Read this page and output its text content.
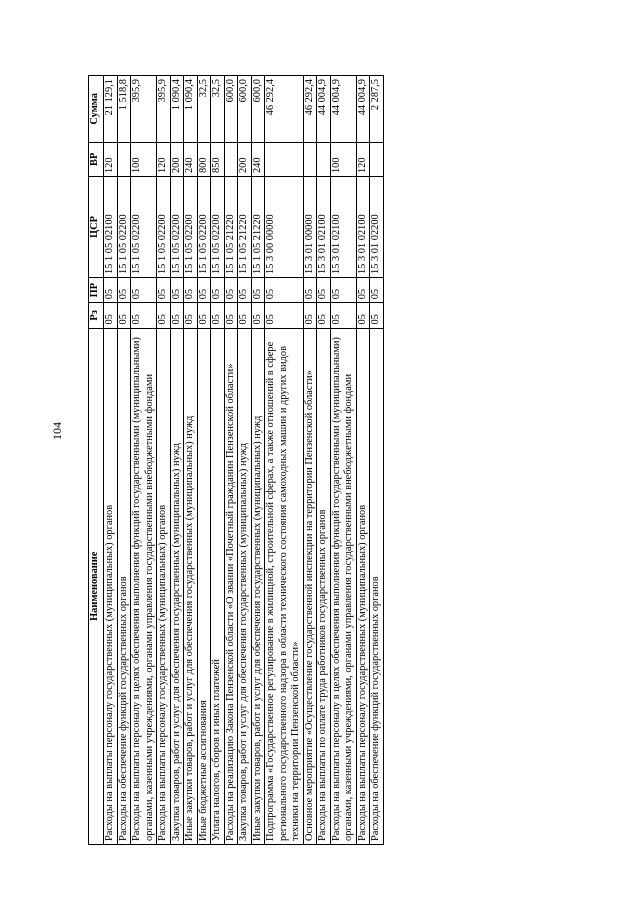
104
Наименование	Рз	ПР	ЦСР	ВР	Сумма
Расходы на выплаты персоналу государственных (муниципальных) органов	05	05	15 1 05 02100	120	21 129,1
Расходы на обеспечение функций государственных органов	05	05	15 1 05 02200		1 518,8
Расходы на выплаты персоналу в целях обеспечения выполнения функций государственными (муниципальными) органами, казенными учреждениями, органами управления государственными внебюджетными фондами	05	05	15 1 05 02200	100	395,9
Расходы на выплаты персоналу государственных (муниципальных) органов	05	05	15 1 05 02200	120	395,9
Закупка товаров, работ и услуг для обеспечения государственных (муниципальных) нужд	05	05	15 1 05 02200	200	1 090,4
Иные закупки товаров, работ и услуг для обеспечения государственных (муниципальных) нужд	05	05	15 1 05 02200	240	1 090,4
Иные бюджетные ассигнования	05	05	15 1 05 02200	800	32,5
Уплата налогов, сборов и иных платежей	05	05	15 1 05 02200	850	32,5
Расходы на реализацию Закона Пензенской области «О звании «Почетный гражданин Пензенской области»	05	05	15 1 05 21220		600,0
Закупка товаров, работ и услуг для обеспечения государственных (муниципальных) нужд	05	05	15 1 05 21220	200	600,0
Иные закупки товаров, работ и услуг для обеспечения государственных (муниципальных) нужд	05	05	15 1 05 21220	240	600,0
Подпрограмма «Государственное регулирование в жилищной, строительной сферах, а также отношений в сфере регионального государственного надзора в области технического состояния самоходных машин и других видов техники на территории Пензенской области»	05	05	15 3 00 00000		46 292,4
Основное мероприятие «Осуществление государственной инспекции на территории Пензенской области»	05	05	15 3 01 00000		46 292,4
Расходы на выплаты по оплате труда работников государственных органов	05	05	15 3 01 02100		44 004,9
Расходы на выплаты персоналу в целях обеспечения выполнения функций государственными (муниципальными) органами, казенными учреждениями, органами управления государственными внебюджетными фондами	05	05	15 3 01 02100	100	44 004,9
Расходы на выплаты персоналу государственных (муниципальных) органов	05	05	15 3 01 02100	120	44 004,9
Расходы на обеспечение функций государственных органов	05	05	15 3 01 02200		2 287,5
